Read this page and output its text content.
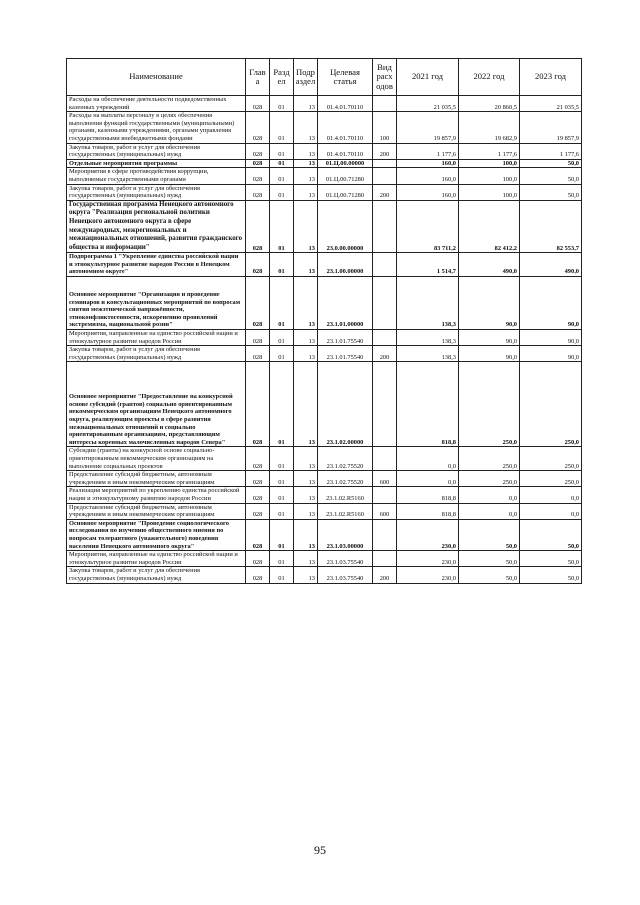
Наименование	Глав а	Разд ел	Подр аздел	Целевая статья	Вид расх одов	2021 год	2022 год	2023 год
Расходы на обеспечение деятельности подведомственных казенных учреждений	028	01	13	01.4.01.70110		21 035,5	20 860,5	21 035,5
Расходы на выплаты персоналу в целях обеспечения выполнения функций государственными (муниципальными) органами, казенными учреждениями, органами управления государственными внебюджетными фондами	028	01	13	01.4.01.70110	100	19 857,9	19 682,9	19 857,9
Закупка товаров, работ и услуг для обеспечения государственных (муниципальных) нужд	028	01	13	01.4.01.70110	200	1 177,6	1 177,6	1 177,6
Отдельные мероприятия программы	028	01	13	01.Ц.00.00000		160,0	100,0	50,0
Мероприятия в сфере противодействия коррупции, выполняемые государственными органами	028	01	13	01.Ц.00.71280		160,0	100,0	50,0
Закупка товаров, работ и услуг для обеспечения государственных (муниципальных) нужд	028	01	13	01.Ц.00.71280	200	160,0	100,0	50,0
Государственная программа Ненецкого автономного округа "Реализация региональной политики Ненецкого автономного округа в сфере международных, межрегиональных и межнациональных отношений, развития гражданского общества и информации"	028	01	13	23.0.00.00000		83 711,2	82 412,2	82 553,7
Подпрограмма 1 "Укрепление единства российской нации и этнокультурное развитие народов России в Ненецком автономном округе"	028	01	13	23.1.00.00000		1 514,7	490,0	490,0
Основное мероприятие "Организация и проведение семинаров и консультационных мероприятий по вопросам снятия межэтнической напряжённости, этноконфликтогенности, искоренению проявлений экстремизма, национальной розни"	028	01	13	23.1.01.00000		138,3	90,0	90,0
Мероприятия, направленные на единство российской нации и этнокультурное развитие народов России	028	01	13	23.1.01.75540		138,3	90,0	90,0
Закупка товаров, работ и услуг для обеспечения государственных (муниципальных) нужд	028	01	13	23.1.01.75540	200	138,3	90,0	90,0
Основное мероприятие "Предоставление на конкурсной основе субсидий (грантов) социально ориентированным некоммерческим организациям Ненецкого автономного округа, реализующим проекты в сфере развития межнациональных отношений и социально ориентированным организациям, представляющим интересы коренных малочисленных народов Севера"	028	01	13	23.1.02.00000		818,8	250,0	250,0
Субсидии (гранты) на конкурсной основе социально-ориентированным некоммерческим организациям на выполнение социальных проектов	028	01	13	23.1.02.75520		0,0	250,0	250,0
Предоставление субсидий бюджетным, автономным учреждениям и иным некоммерческим организациям	028	01	13	23.1.02.75520	600	0,0	250,0	250,0
Реализация мероприятий по укреплению единства российской нации и этнокультурному развитию народов России	028	01	13	23.1.02.R5160		818,8	0,0	0,0
Предоставление субсидий бюджетным, автономным учреждениям и иным некоммерческим организациям	028	01	13	23.1.02.R5160	600	818,8	0,0	0,0
Основное мероприятие "Проведение социологического исследования по изучению общественного мнения по вопросам толерантного (уважительного) поведения населения Ненецкого автономного округа"	028	01	13	23.1.03.00000		230,0	50,0	50,0
Мероприятия, направленные на единство российской нации и этнокультурное развитие народов России	028	01	13	23.1.03.75540		230,0	50,0	50,0
Закупка товаров, работ и услуг для обеспечения государственных (муниципальных) нужд	028	01	13	23.1.03.75540	200	230,0	50,0	50,0
95
